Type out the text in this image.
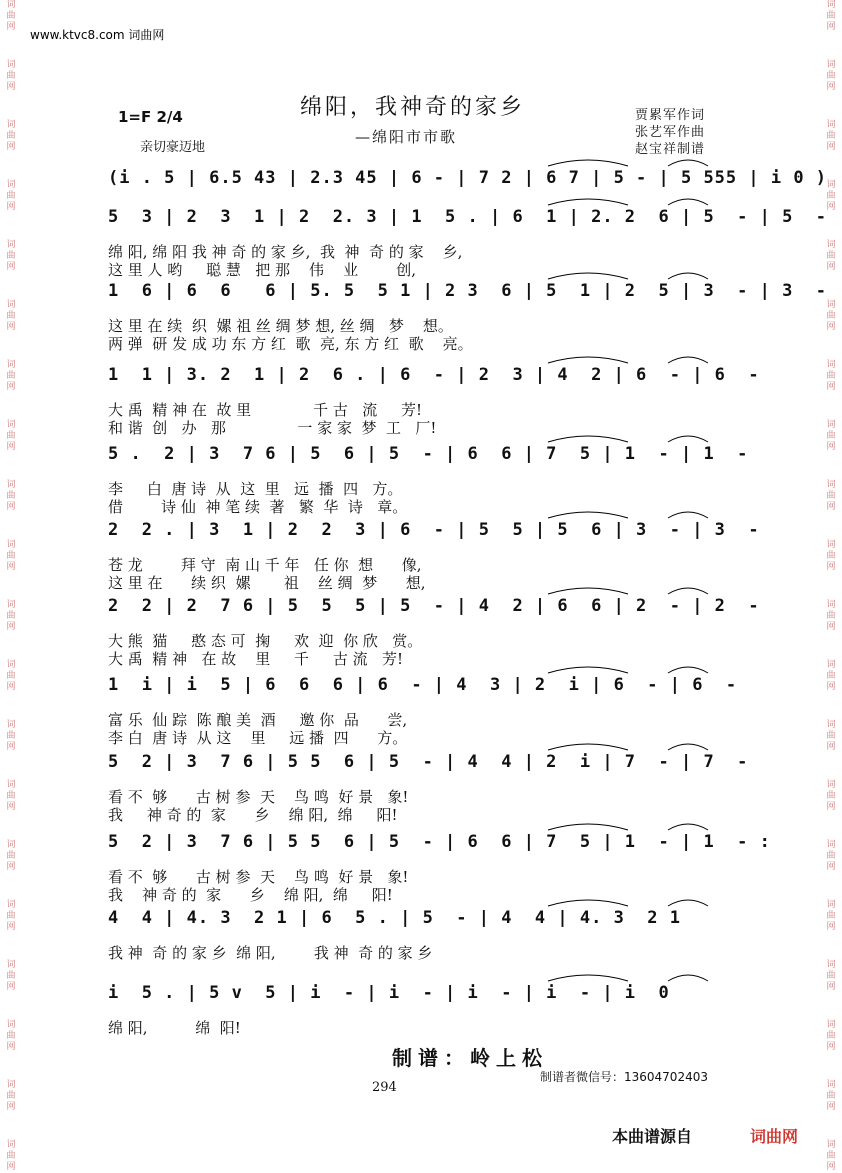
词
曲
网
词
曲
网
词
曲
网
词
曲
网
词
曲
网
词
曲
网
词
曲
网
词
曲
网
词
曲
网
词
曲
网
词
曲
网
词
曲
网
词
曲
网
词
曲
网
词
曲
网
词
曲
网
词
曲
网
词
曲
网
词
曲
网
词
曲
网
词
曲
网
词
曲
网
词
曲
网
词
曲
网
词
曲
网
词
曲
网
词
曲
网
词
曲
网
词
曲
网
词
曲
网
词
曲
网
词
曲
网
词
曲
网
词
曲
网
词
曲
网
词
曲
网
词
曲
网
词
曲
网
词
曲
网
词
曲
网
www.ktvc8.com 词曲网
1=F 2/4
亲切豪迈地
绵阳，我神奇的家乡
—绵阳市市歌
贾累军作词
张艺军作曲
赵宝祥制谱
(i . 5 | 6.5 43 | 2.3 45 | 6 - | 7 2 | 6 7 | 5 - | 5 555 | i 0 )
5  3 | 2  3  1 | 2  2. 3 | 1  5 . | 6  1 | 2. 2  6 | 5  - | 5  -
绵 阳, 绵 阳 我 神 奇 的 家 乡,  我  神  奇 的 家    乡,
这 里 人 哟     聪 慧   把 那    伟    业        创,
1  6 | 6  6   6 | 5. 5  5 1 | 2 3  6 | 5  1 | 2  5 | 3  - | 3  -
这 里 在 续  织  嫘 祖 丝 绸 梦 想, 丝 绸   梦    想。
两 弹  研 发 成 功 东 方 红  歌  亮, 东 方 红  歌    亮。
1  1 | 3. 2  1 | 2  6 . | 6  - | 2  3 | 4  2 | 6  - | 6  -
大 禹  精 神 在  故 里             千 古   流     芳!
和 谐  创   办   那               一 家 家  梦  工   厂!
5 .  2 | 3  7 6 | 5  6 | 5  - | 6  6 | 7  5 | 1  - | 1  -
李     白  唐 诗  从  这  里   远  播  四   方。
借        诗 仙  神 笔 续  著   繁  华  诗   章。
2  2 . | 3  1 | 2  2  3 | 6  - | 5  5 | 5  6 | 3  - | 3  -
苍 龙        拜 守  南 山 千 年   任 你  想      像,
这 里 在      续 织  嫘       祖    丝 绸  梦      想,
2  2 | 2  7 6 | 5  5  5 | 5  - | 4  2 | 6  6 | 2  - | 2  -
大 熊  猫     憨 态 可  掬     欢  迎  你 欣   赏。
大 禹  精 神   在 故    里     千     古 流   芳!
1  i | i  5 | 6  6  6 | 6  - | 4  3 | 2  i | 6  - | 6  -
富 乐  仙 踪  陈 酿 美  酒     邀 你  品      尝,
李 白  唐 诗  从 这    里     远 播  四      方。
5  2 | 3  7 6 | 5 5  6 | 5  - | 4  4 | 2  i | 7  - | 7  -
看 不  够      古 树 参  天    鸟 鸣  好 景   象!
我     神 奇 的  家      乡    绵 阳,  绵     阳!
5  2 | 3  7 6 | 5 5  6 | 5  - | 6  6 | 7  5 | 1  - | 1  - :
看 不  够      古 树 参  天    鸟 鸣  好 景   象!
我    神 奇 的  家      乡    绵 阳,  绵     阳!
4  4 | 4. 3  2 1 | 6  5 . | 5  - | 4  4 | 4. 3  2 1
我 神  奇 的 家 乡  绵 阳,        我 神  奇 的 家 乡
i  5 . | 5 v  5 | i  - | i  - | i  - | i  - | i  0
绵 阳,          绵  阳!
制谱：岭上松
制谱者微信号：13604702403
294
本曲谱源自	词曲网
